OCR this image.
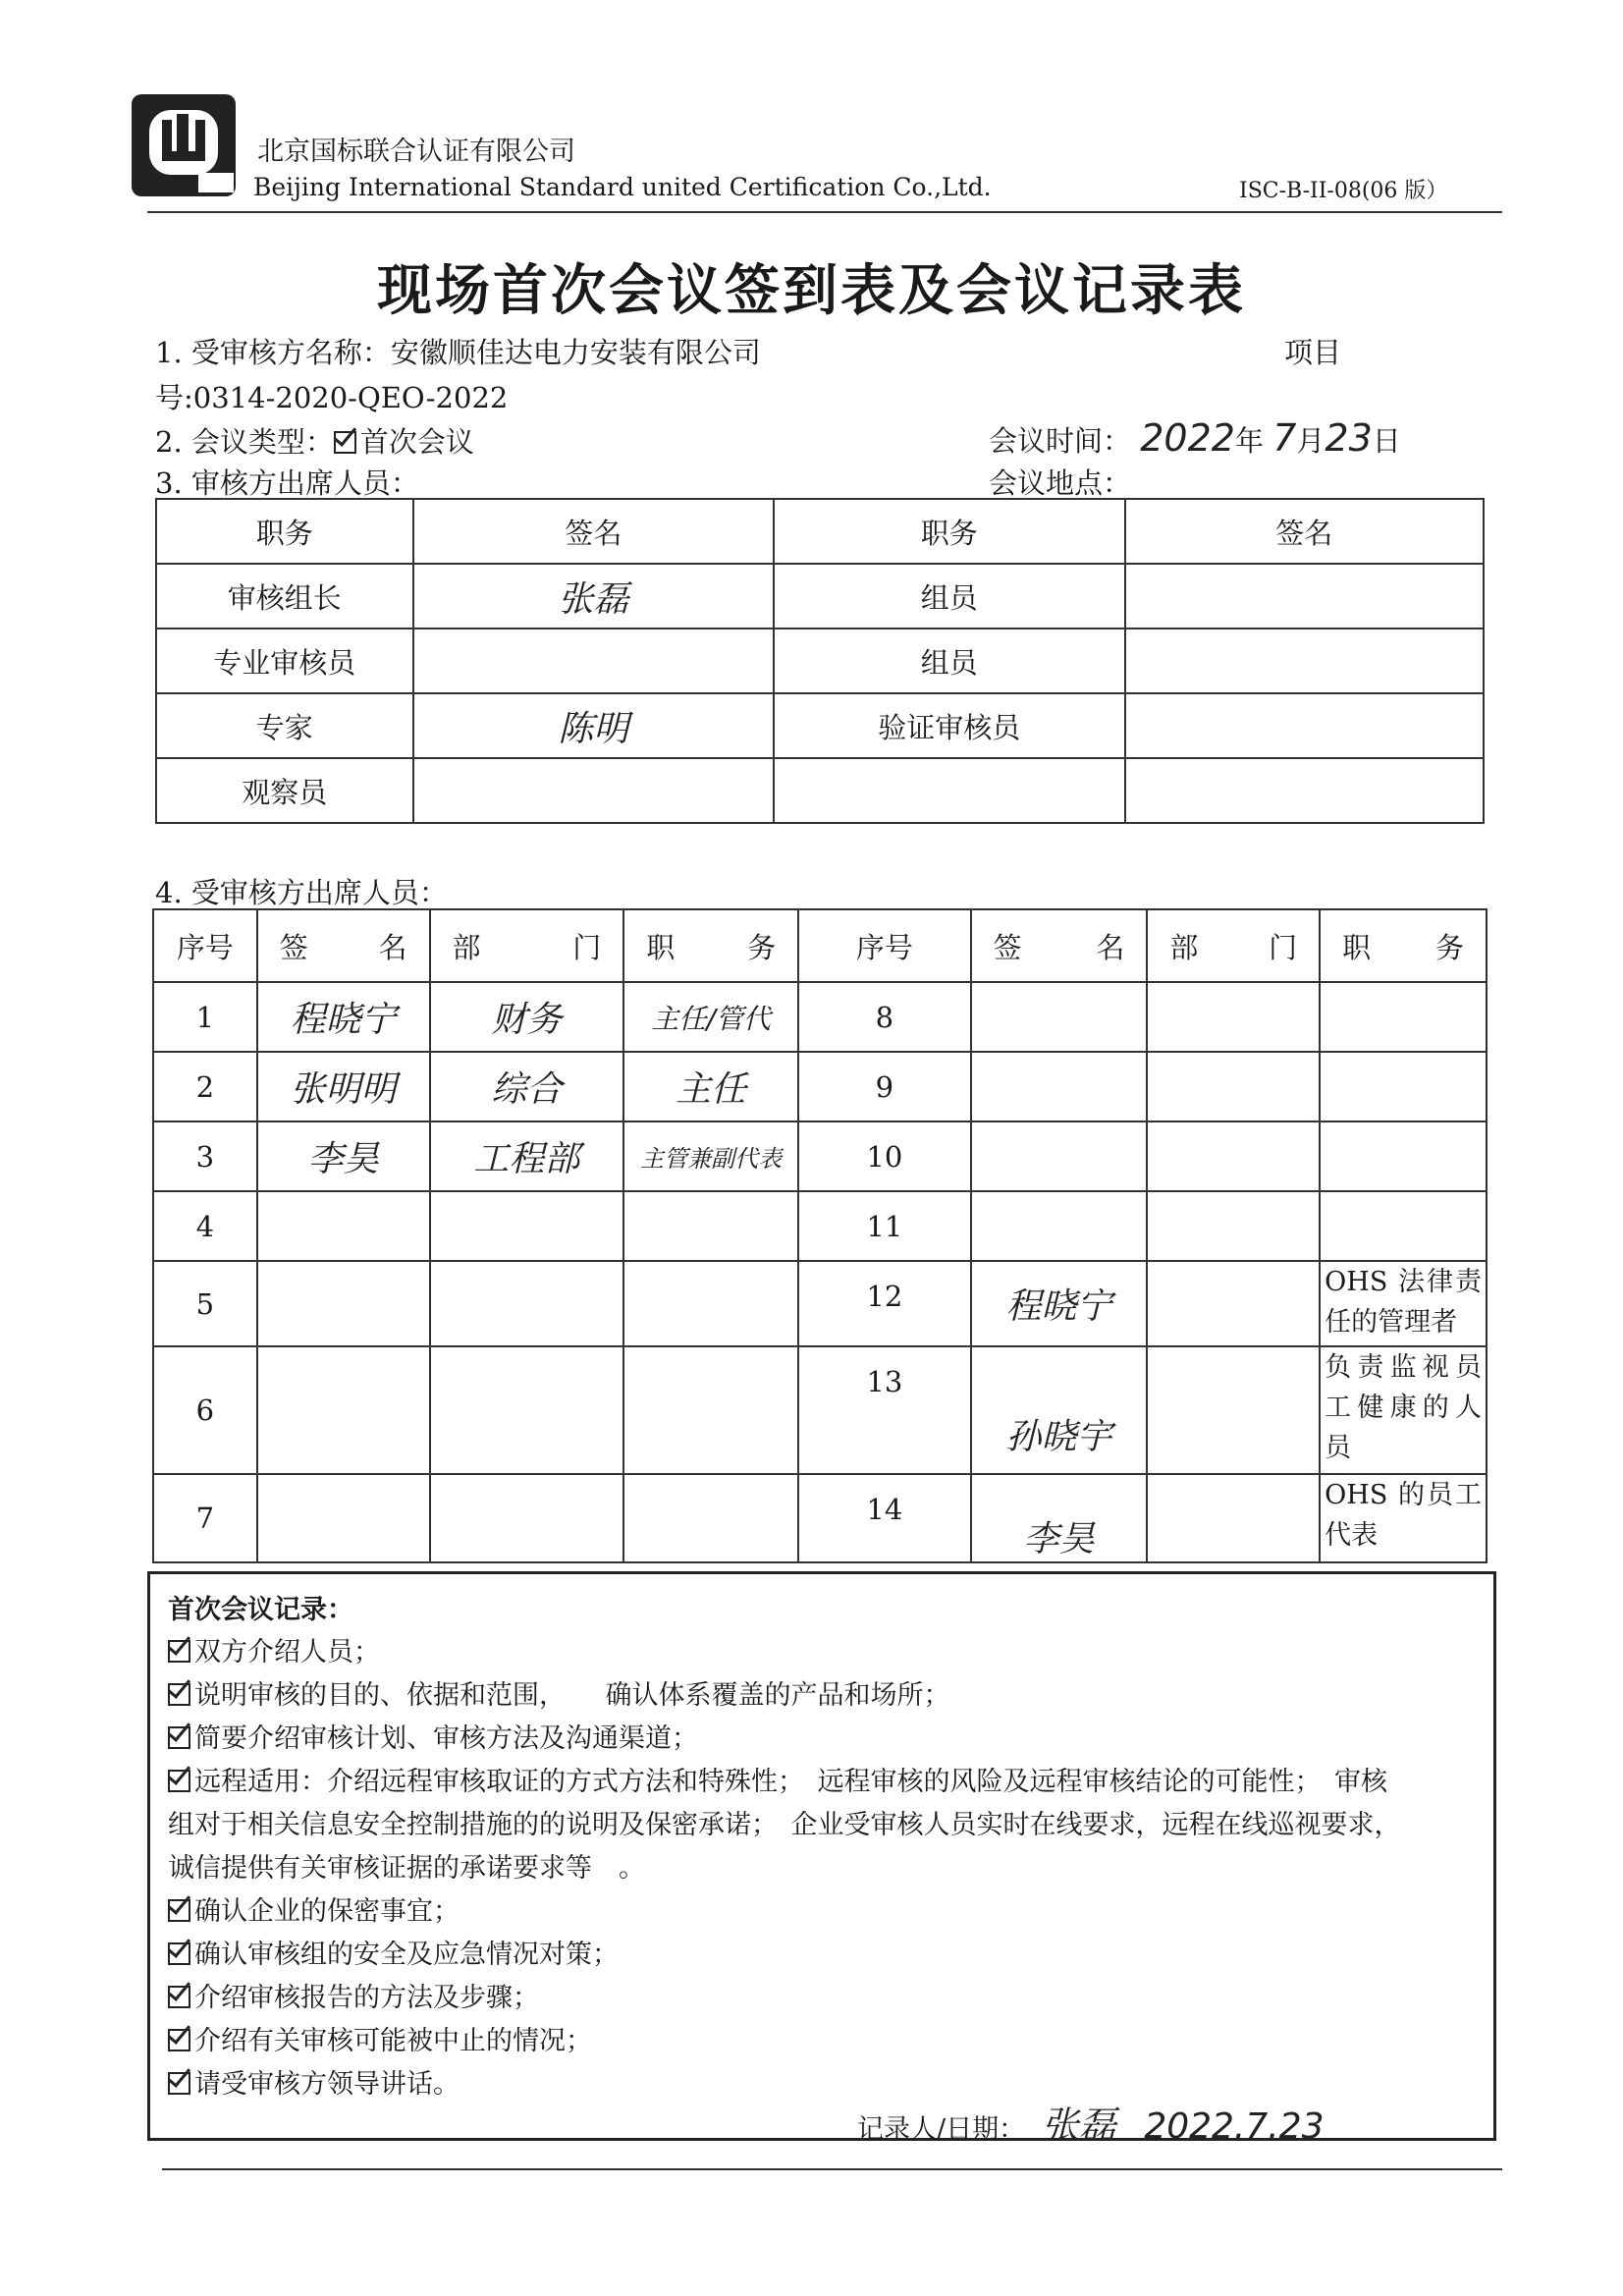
北京国标联合认证有限公司
Beijing International Standard united Certification Co.,Ltd.	ISC-B-II-08(06 版）
现场首次会议签到表及会议记录表
1. 受审核方名称：安徽顺佳达电力安装有限公司	项目
号:0314-2020-QEO-2022
2. 会议类型： 首次会议	会议时间： 2022年 7月23日
3. 审核方出席人员：	会议地点：
职务	签名	职务	签名
审核组长	张磊	组员	
专业审核员		组员	
专家	陈明	验证审核员	
观察员			
4. 受审核方出席人员：
序号	签 名	部 门	职 务	序号	签 名	部 门	职 务

1	程晓宁	财务	主任/管代	8			
2	张明明	综合	主任	9			
3	李昊	工程部	主管兼副代表	10			
4				11			
5				12	程晓宁		OHS 法律责任的管理者
6				13	孙晓宇		负责监视员工健康的人员
7				14	李昊		OHS 的员工代表
首次会议记录：
双方介绍人员；
说明审核的目的、依据和范围，　　确认体系覆盖的产品和场所；
简要介绍审核计划、审核方法及沟通渠道；
远程适用：介绍远程审核取证的方式方法和特殊性；　远程审核的风险及远程审核结论的可能性；　审核
组对于相关信息安全控制措施的的说明及保密承诺；　企业受审核人员实时在线要求，远程在线巡视要求，
诚信提供有关审核证据的承诺要求等　。
确认企业的保密事宜；
确认审核组的安全及应急情况对策；
介绍审核报告的方法及步骤；
介绍有关审核可能被中止的情况；
请受审核方领导讲话。
记录人/日期： 张磊 2022.7.23
